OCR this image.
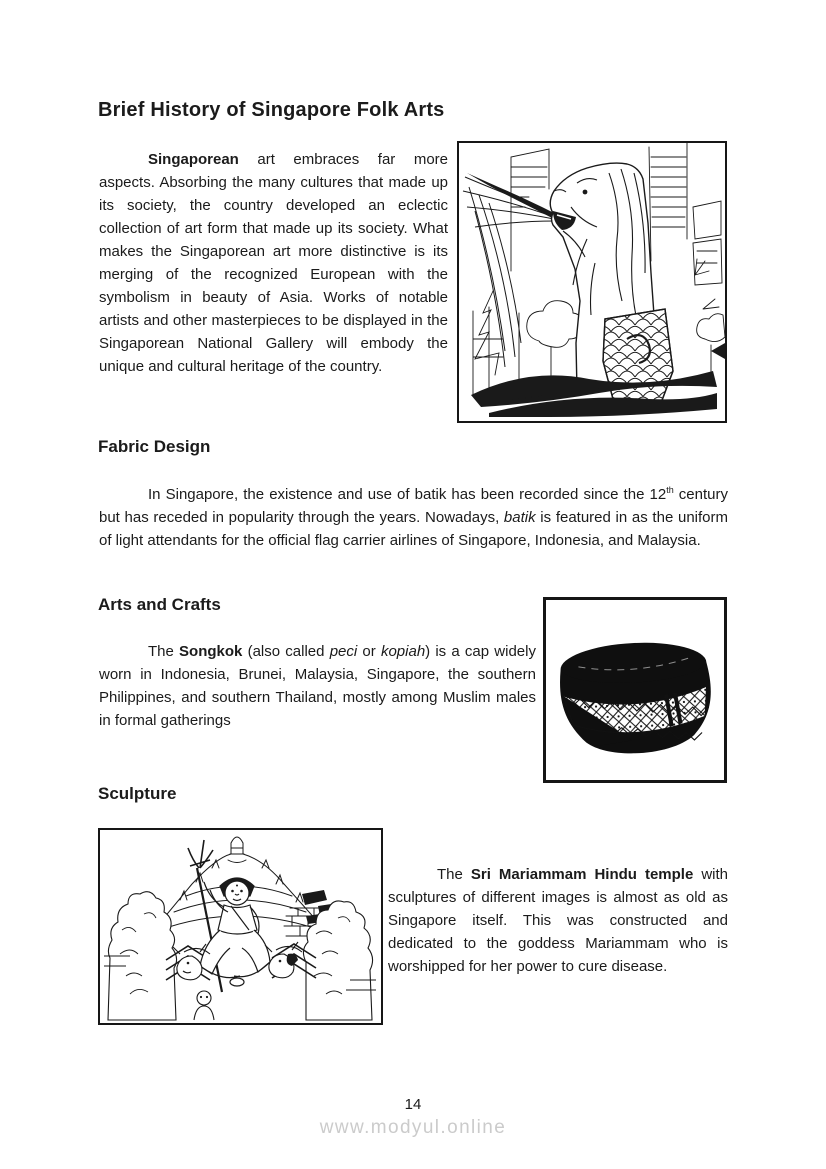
Brief History of Singapore Folk Arts

Singaporean art embraces far more aspects. Absorbing the many cultures that made up its society, the country developed an eclectic collection of art form that made up its society. What makes the Singaporean art more distinctive is its merging of the recognized European with the symbolism in beauty of Asia. Works of notable artists and other masterpieces to be displayed in the Singaporean National Gallery will embody the unique and cultural heritage of the country.

Fabric Design

In Singapore, the existence and use of batik has been recorded since the 12th century but has receded in popularity through the years. Nowadays, batik is featured in as the uniform of light attendants for the official flag carrier airlines of Singapore, Indonesia, and Malaysia.

Arts and Crafts

The Songkok (also called peci or kopiah) is a cap widely worn in Indonesia, Brunei, Malaysia, Singapore, the southern Philippines, and southern Thailand, mostly among Muslim males in formal gatherings

Sculpture

The Sri Mariammam Hindu temple with sculptures of different images is almost as old as Singapore itself. This was constructed and dedicated to the goddess Mariammam who is worshipped for her power to cure disease.

14
www.modyul.online
